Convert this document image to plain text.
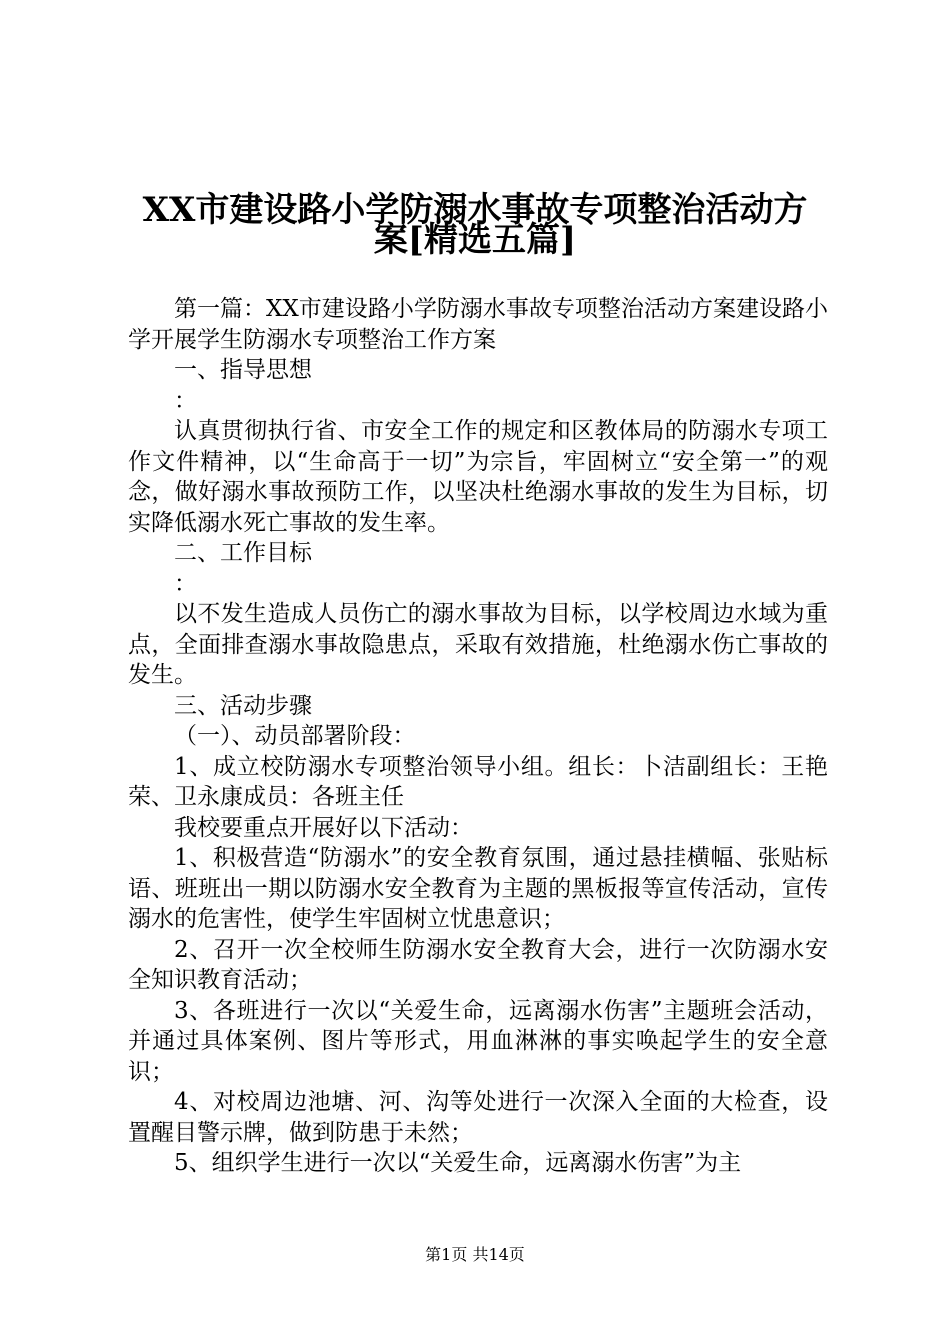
XX市建设路小学防溺水事故专项整治活动方
案[精选五篇]

第一篇：XX市建设路小学防溺水事故专项整治活动方案建设路小学开展学生防溺水专项整治工作方案

一、指导思想

：

认真贯彻执行省、市安全工作的规定和区教体局的防溺水专项工作文件精神，以“生命高于一切”为宗旨，牢固树立“安全第一”的观念，做好溺水事故预防工作，以坚决杜绝溺水事故的发生为目标，切实降低溺水死亡事故的发生率。

二、工作目标

：

以不发生造成人员伤亡的溺水事故为目标，以学校周边水域为重点，全面排查溺水事故隐患点，采取有效措施，杜绝溺水伤亡事故的发生。

三、活动步骤

（一）、动员部署阶段：

1、成立校防溺水专项整治领导小组。组长：卜洁副组长：王艳荣、卫永康成员：各班主任

我校要重点开展好以下活动：

1、积极营造“防溺水”的安全教育氛围，通过悬挂横幅、张贴标语、班班出一期以防溺水安全教育为主题的黑板报等宣传活动，宣传溺水的危害性，使学生牢固树立忧患意识；

2、召开一次全校师生防溺水安全教育大会，进行一次防溺水安全知识教育活动；

3、各班进行一次以“关爱生命，远离溺水伤害”主题班会活动，并通过具体案例、图片等形式，用血淋淋的事实唤起学生的安全意识；

4、对校周边池塘、河、沟等处进行一次深入全面的大检查，设置醒目警示牌，做到防患于未然；

5、组织学生进行一次以“关爱生命，远离溺水伤害”为主

第1页 共14页
